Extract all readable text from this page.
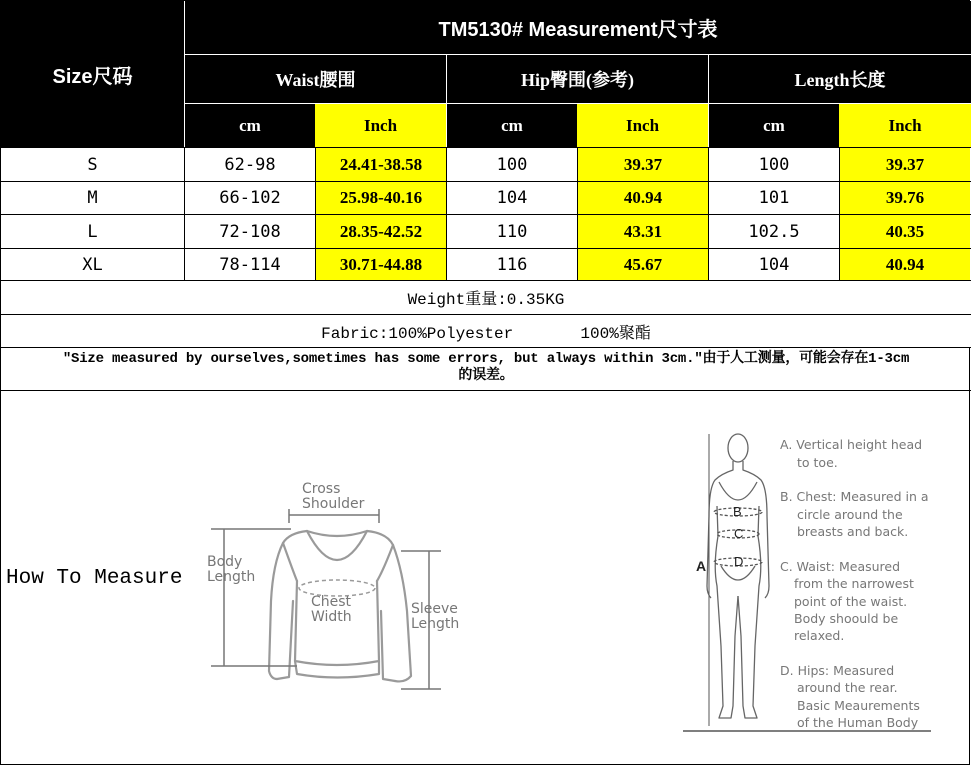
Size尺码
TM5130# Measurement尺寸表
Waist腰围	Hip臀围(参考)	Length长度
cm	Inch	cm	Inch	cm	Inch
S	62-98	24.41-38.58	100	39.37	100	39.37
M	66-102	25.98-40.16	104	40.94	101	39.76
L	72-108	28.35-42.52	110	43.31	102.5	40.35
XL	78-114	30.71-44.88	116	45.67	104	40.94
Weight重量:0.35KG
Fabric:100%Polyester       100%聚酯
"Size measured by ourselves,sometimes has some errors, but always within 3cm."由于人工测量，可能会存在1-3cm
的误差。
How To Measure
Cross
Shoulder
Body
Length
Chest
Width	Sleeve
Length
A
B
C
D
A. Vertical height head
to toe.
B. Chest: Measured in a
circle around the
breasts and back.
C. Waist: Measured
from the narrowest
point of the waist.
Body shoould be
relaxed.
D. Hips: Measured
around the rear.
Basic Meaurements
of the Human Body
